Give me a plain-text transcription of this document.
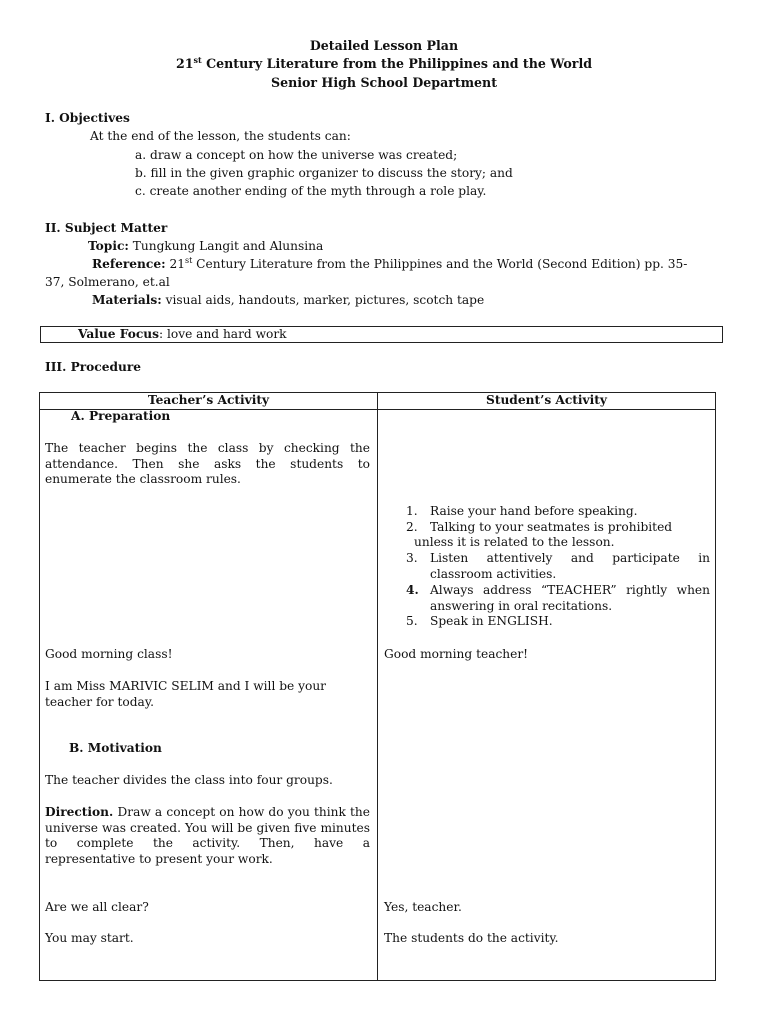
Detailed Lesson Plan
21st Century Literature from the Philippines and the World
Senior High School Department
I. Objectives
At the end of the lesson, the students can:
a. draw a concept on how the universe was created;
b. fill in the given graphic organizer to discuss the story; and
c. create another ending of the myth through a role play.
II. Subject Matter
Topic: Tungkung Langit and Alunsina
Reference: 21st Century Literature from the Philippines and the World (Second Edition) pp. 35-
37, Solmerano, et.al
Materials: visual aids, handouts, marker, pictures, scotch tape
Value Focus: love and hard work
III. Procedure
Teacher’s Activity	Student’s Activity
A. Preparation
The teacher begins the class by checking the attendance. Then she asks the students to enumerate the classroom rules.
Good morning class!
I am Miss MARIVIC SELIM and I will be your teacher for today.
B. Motivation
The teacher divides the class into four groups.
Direction. Draw a concept on how do you think the universe was created. You will be given five minutes to complete the activity. Then, have a representative to present your work.
Are we all clear?
You may start.
1. Raise your hand before speaking.
2. Talking to your seatmates is prohibited
unless it is related to the lesson.
3. Listen attentively and participate in classroom activities.
4. Always address “TEACHER” rightly when answering in oral recitations.
5. Speak in ENGLISH.
Good morning teacher!
Yes, teacher.
The students do the activity.
